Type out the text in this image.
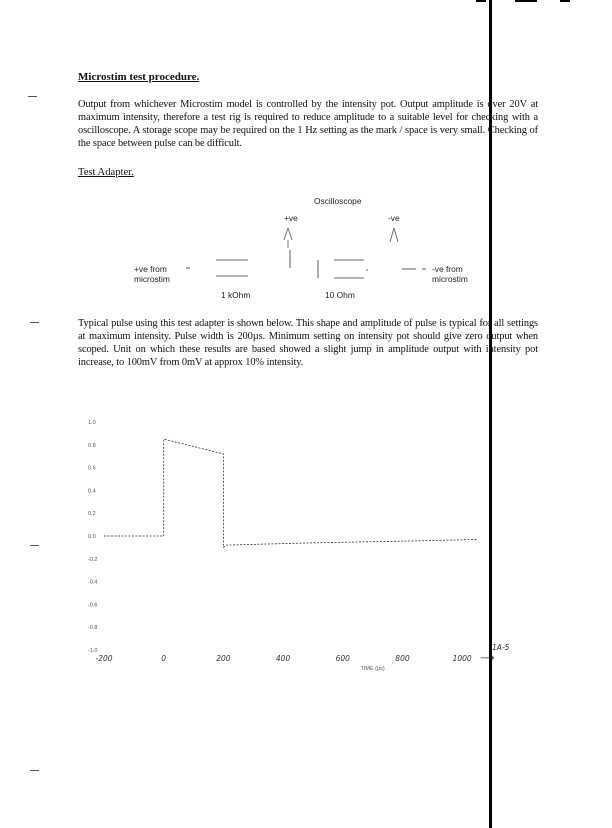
Microstim test procedure.
Output from whichever Microstim model is controlled by the intensity pot. Output amplitude is over 20V at maximum intensity, therefore a test rig is required to reduce amplitude to a suitable level for checking with a oscilloscope. A storage scope may be required on the 1 Hz setting as the mark / space is very small. Checking of the space between pulse can be difficult.
Test Adapter.
Oscilloscope
+ve	-ve
+ve from
microstim
-ve from
microstim
1 kOhm	10 Ohm
Typical pulse using this test adapter is shown below. This shape and amplitude of pulse is typical for all settings at maximum intensity. Pulse width is 200µs. Minimum setting on intensity pot should give zero output when scoped. Unit on which these results are based showed a slight jump in amplitude output with intensity pot increase, to 100mV from 0mV at approx 10% intensity.
1.0
0.8
0.6
0.4
0.2
0.0
-0.2
-0.4
-0.6
-0.8
-1.0
-200	0	200	400	600	800	1000 ⟶
TIME (µs)
1A-5
